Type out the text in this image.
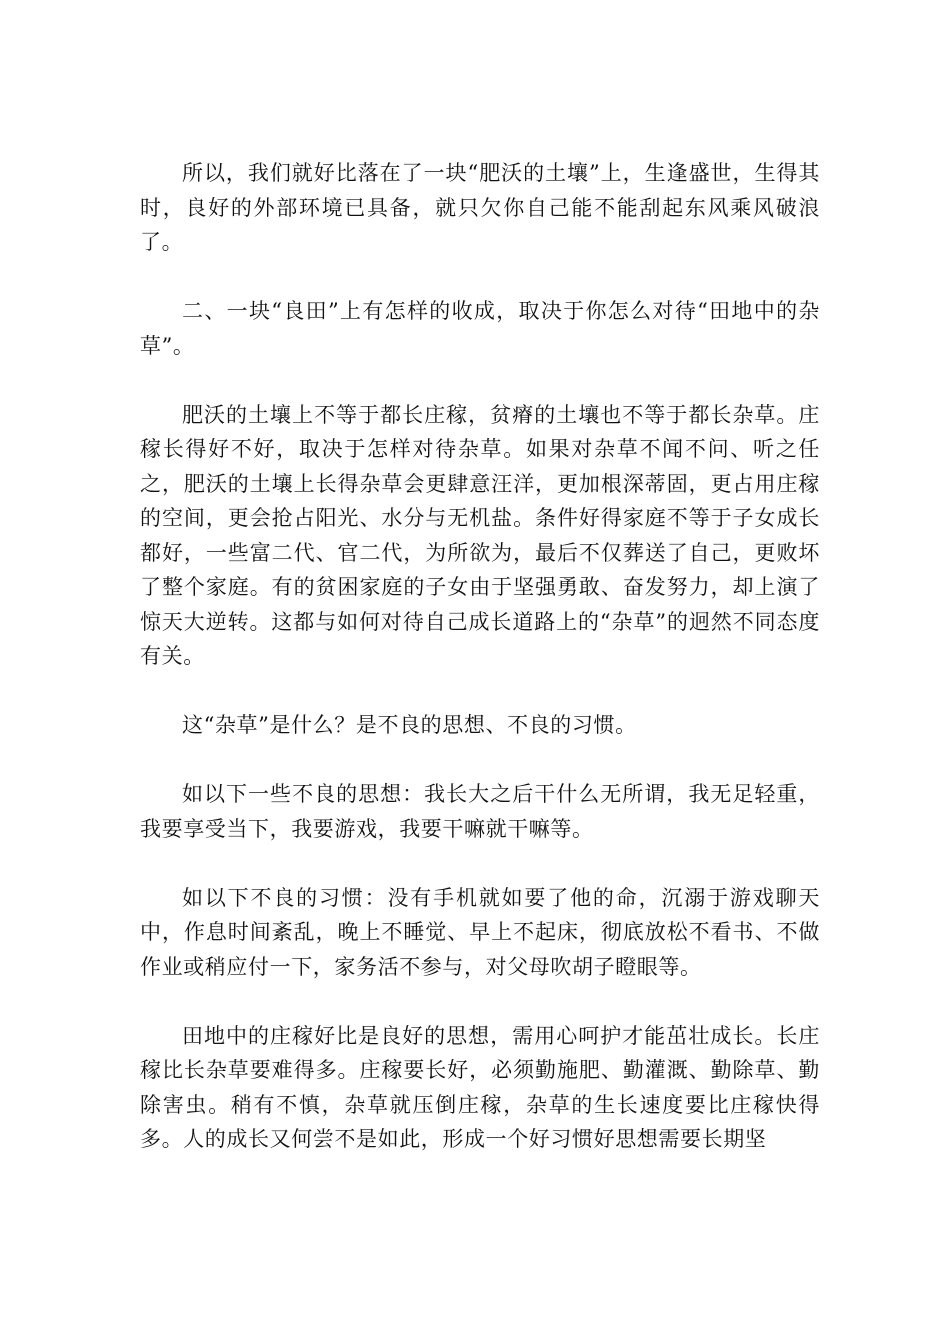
所以，我们就好比落在了一块“肥沃的土壤”上，生逢盛世，生得其时，良好的外部环境已具备，就只欠你自己能不能刮起东风乘风破浪了。

二、一块“良田”上有怎样的收成，取决于你怎么对待“田地中的杂草”。

肥沃的土壤上不等于都长庄稼，贫瘠的土壤也不等于都长杂草。庄稼长得好不好，取决于怎样对待杂草。如果对杂草不闻不问、听之任之，肥沃的土壤上长得杂草会更肆意汪洋，更加根深蒂固，更占用庄稼的空间，更会抢占阳光、水分与无机盐。条件好得家庭不等于子女成长都好，一些富二代、官二代，为所欲为，最后不仅葬送了自己，更败坏了整个家庭。有的贫困家庭的子女由于坚强勇敢、奋发努力，却上演了惊天大逆转。这都与如何对待自己成长道路上的“杂草”的迥然不同态度有关。

这“杂草”是什么？是不良的思想、不良的习惯。

如以下一些不良的思想：我长大之后干什么无所谓，我无足轻重，我要享受当下，我要游戏，我要干嘛就干嘛等。

如以下不良的习惯：没有手机就如要了他的命，沉溺于游戏聊天中，作息时间紊乱，晚上不睡觉、早上不起床，彻底放松不看书、不做作业或稍应付一下，家务活不参与，对父母吹胡子瞪眼等。

田地中的庄稼好比是良好的思想，需用心呵护才能茁壮成长。长庄稼比长杂草要难得多。庄稼要长好，必须勤施肥、勤灌溉、勤除草、勤除害虫。稍有不慎，杂草就压倒庄稼，杂草的生长速度要比庄稼快得多。人的成长又何尝不是如此，形成一个好习惯好思想需要长期坚
